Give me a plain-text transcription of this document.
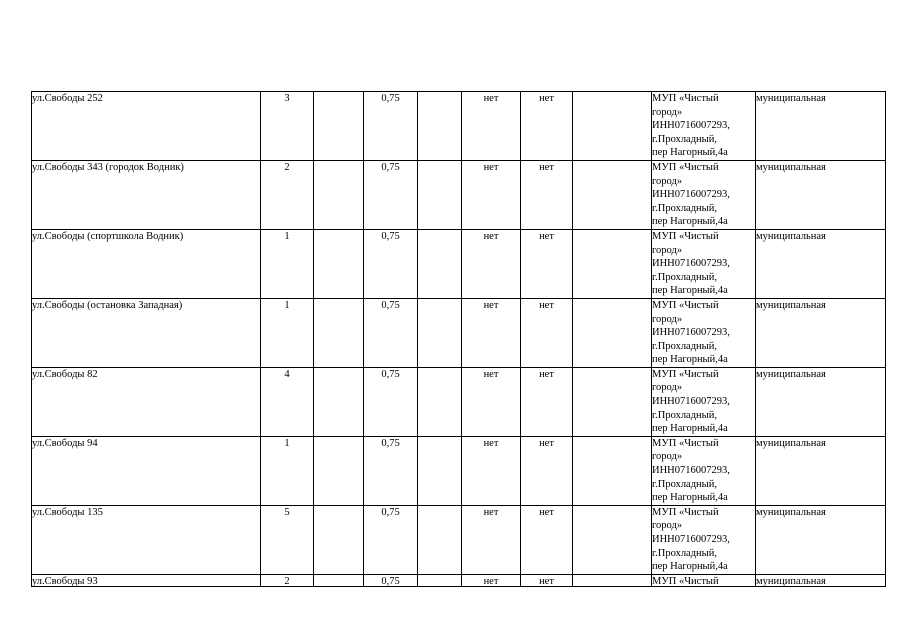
ул.Свободы 252	3		0,75		нет	нет		МУП «Чистый
город»
ИНН0716007293,
г.Прохладный,
пер Нагорный,4а	муниципальная
ул.Свободы 343 (городок Водник)	2		0,75		нет	нет		МУП «Чистый
город»
ИНН0716007293,
г.Прохладный,
пер Нагорный,4а	муниципальная
ул.Свободы (спортшкола Водник)	1		0,75		нет	нет		МУП «Чистый
город»
ИНН0716007293,
г.Прохладный,
пер Нагорный,4а	муниципальная
ул.Свободы (остановка Западная)	1		0,75		нет	нет		МУП «Чистый
город»
ИНН0716007293,
г.Прохладный,
пер Нагорный,4а	муниципальная
ул.Свободы 82	4		0,75		нет	нет		МУП «Чистый
город»
ИНН0716007293,
г.Прохладный,
пер Нагорный,4а	муниципальная
ул.Свободы 94	1		0,75		нет	нет		МУП «Чистый
город»
ИНН0716007293,
г.Прохладный,
пер Нагорный,4а	муниципальная
ул.Свободы 135	5		0,75		нет	нет		МУП «Чистый
город»
ИНН0716007293,
г.Прохладный,
пер Нагорный,4а	муниципальная

ул.Свободы 93	2		0,75		нет	нет		МУП «Чистый	муниципальная
